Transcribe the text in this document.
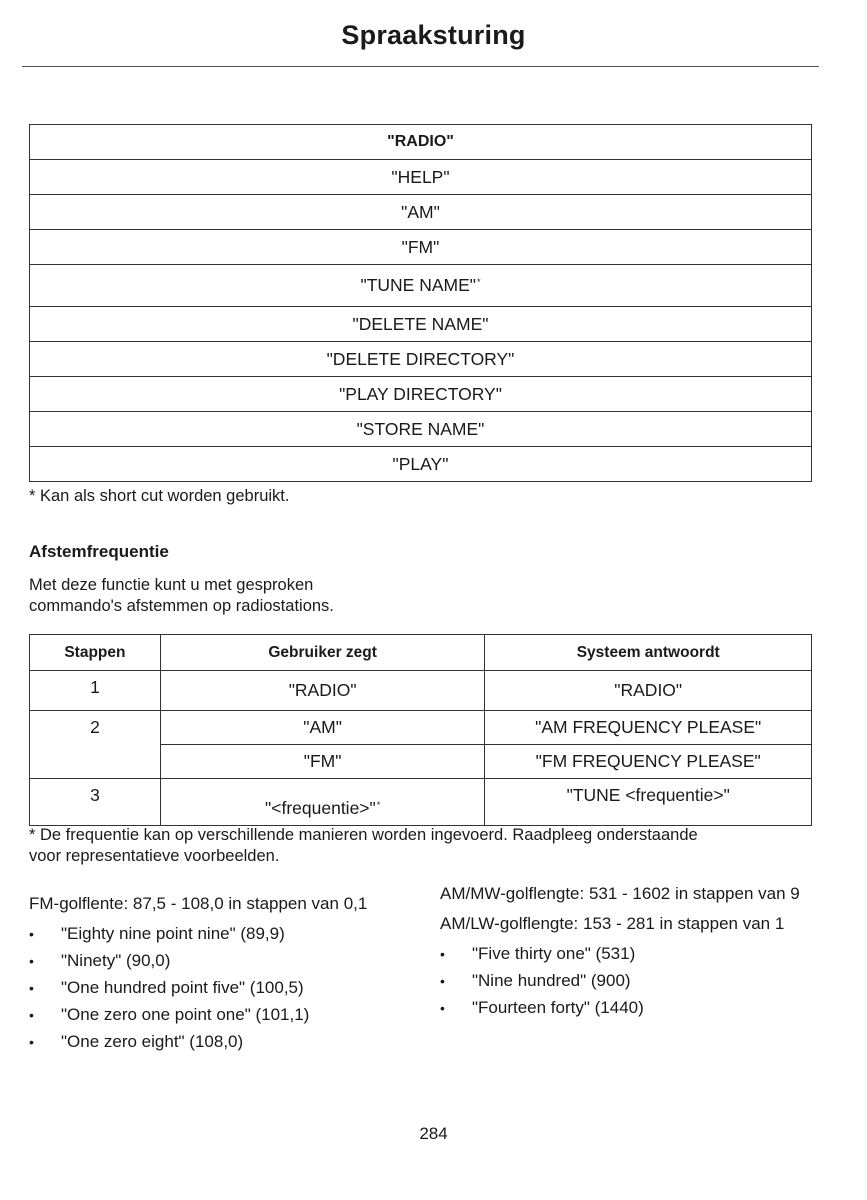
Spraaksturing
"RADIO"
"HELP"
"AM"
"FM"
"TUNE NAME"*
"DELETE NAME"
"DELETE DIRECTORY"
"PLAY DIRECTORY"
"STORE NAME"
"PLAY"
* Kan als short cut worden gebruikt.
Afstemfrequentie
Met deze functie kunt u met gesproken
commando's afstemmen op radiostations.
Stappen	Gebruiker zegt	Systeem antwoordt
1	"RADIO"	"RADIO"
2	"AM"	"AM FREQUENCY PLEASE"
	"FM"	"FM FREQUENCY PLEASE"
3	"<frequentie>"*	"TUNE <frequentie>"
* De frequentie kan op verschillende manieren worden ingevoerd. Raadpleeg onderstaande
voor representatieve voorbeelden.

FM-golflente: 87,5 - 108,0 in stappen van 0,1

• "Eighty nine point nine" (89,9)
• "Ninety" (90,0)
• "One hundred point five" (100,5)
• "One zero one point one" (101,1)
• "One zero eight" (108,0)

AM/MW-golflengte: 531 - 1602 in stappen van 9

AM/LW-golflengte: 153 - 281 in stappen van 1

• "Five thirty one" (531)
• "Nine hundred" (900)
• "Fourteen forty" (1440)
284
